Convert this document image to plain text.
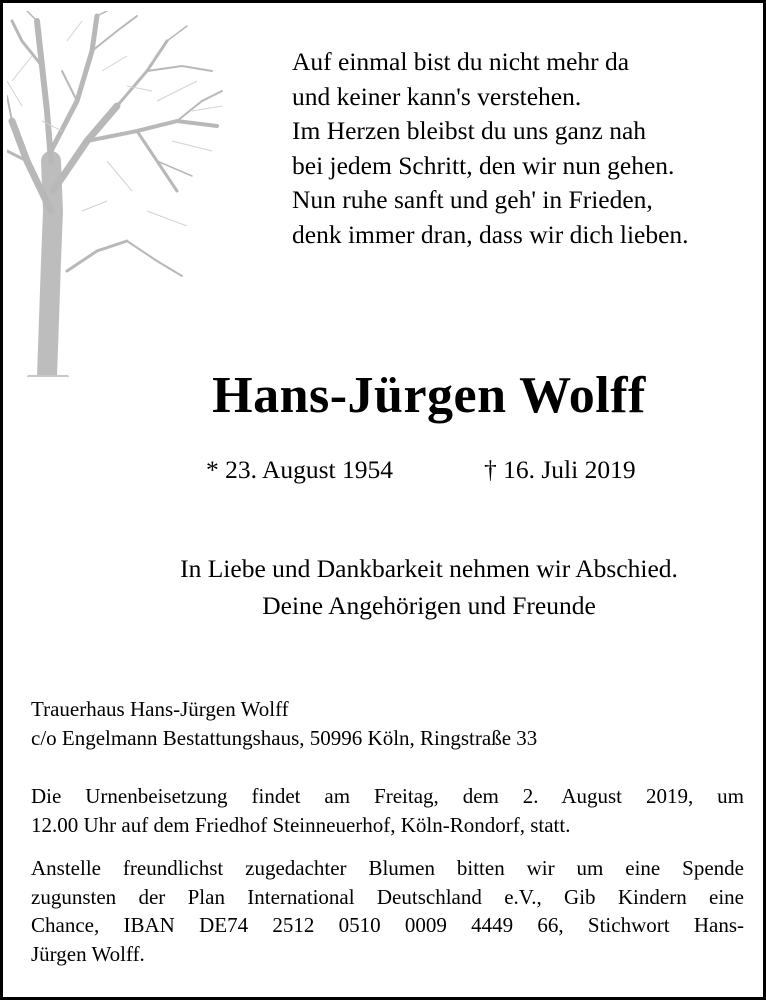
Auf einmal bist du nicht mehr da
und keiner kann's verstehen.
Im Herzen bleibst du uns ganz nah
bei jedem Schritt, den wir nun gehen.
Nun ruhe sanft und geh' in Frieden,
denk immer dran, dass wir dich lieben.
Hans-Jürgen Wolff
* 23. August 1954	† 16. Juli 2019
In Liebe und Dankbarkeit nehmen wir Abschied.
Deine Angehörigen und Freunde
Trauerhaus Hans-Jürgen Wolff
c/o Engelmann Bestattungshaus, 50996 Köln, Ringstraße 33
Die Urnenbeisetzung findet am Freitag, dem 2. August 2019, um
12.00 Uhr auf dem Friedhof Steinneuerhof, Köln-Rondorf, statt.
Anstelle freundlichst zugedachter Blumen bitten wir um eine Spende
zugunsten der Plan International Deutschland e.V., Gib Kindern eine
Chance, IBAN DE74 2512 0510 0009 4449 66, Stichwort Hans-
Jürgen Wolff.
